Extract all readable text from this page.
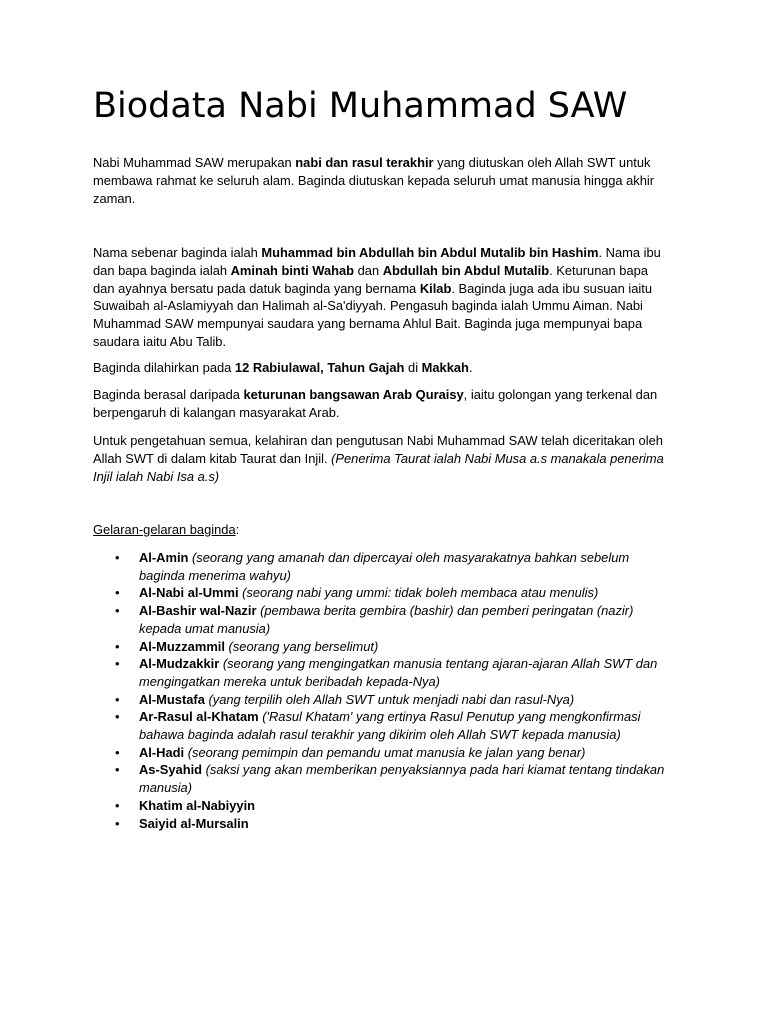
Biodata Nabi Muhammad SAW

Nabi Muhammad SAW merupakan nabi dan rasul terakhir yang diutuskan oleh Allah SWT untuk membawa rahmat ke seluruh alam. Baginda diutuskan kepada seluruh umat manusia hingga akhir zaman.

Nama sebenar baginda ialah Muhammad bin Abdullah bin Abdul Mutalib bin Hashim. Nama ibu dan bapa baginda ialah Aminah binti Wahab dan Abdullah bin Abdul Mutalib. Keturunan bapa dan ayahnya bersatu pada datuk baginda yang bernama Kilab. Baginda juga ada ibu susuan iaitu Suwaibah al-Aslamiyyah dan Halimah al-Sa'diyyah. Pengasuh baginda ialah Ummu Aiman. Nabi Muhammad SAW mempunyai saudara yang bernama Ahlul Bait. Baginda juga mempunyai bapa saudara iaitu Abu Talib.

Baginda dilahirkan pada 12 Rabiulawal, Tahun Gajah di Makkah.

Baginda berasal daripada keturunan bangsawan Arab Quraisy, iaitu golongan yang terkenal dan berpengaruh di kalangan masyarakat Arab.

Untuk pengetahuan semua, kelahiran dan pengutusan Nabi Muhammad SAW telah diceritakan oleh Allah SWT di dalam kitab Taurat dan Injil. (Penerima Taurat ialah Nabi Musa a.s manakala penerima Injil ialah Nabi Isa a.s)

Gelaran-gelaran baginda:

• Al-Amin (seorang yang amanah dan dipercayai oleh masyarakatnya bahkan sebelum baginda menerima wahyu)
• Al-Nabi al-Ummi (seorang nabi yang ummi: tidak boleh membaca atau menulis)
• Al-Bashir wal-Nazir (pembawa berita gembira (bashir) dan pemberi peringatan (nazir) kepada umat manusia)
• Al-Muzzammil (seorang yang berselimut)
• Al-Mudzakkir (seorang yang mengingatkan manusia tentang ajaran-ajaran Allah SWT dan mengingatkan mereka untuk beribadah kepada-Nya)
• Al-Mustafa (yang terpilih oleh Allah SWT untuk menjadi nabi dan rasul-Nya)
• Ar-Rasul al-Khatam ('Rasul Khatam' yang ertinya Rasul Penutup yang mengkonfirmasi bahawa baginda adalah rasul terakhir yang dikirim oleh Allah SWT kepada manusia)
• Al-Hadi (seorang pemimpin dan pemandu umat manusia ke jalan yang benar)
• As-Syahid (saksi yang akan memberikan penyaksiannya pada hari kiamat tentang tindakan manusia)
• Khatim al-Nabiyyin
• Saiyid al-Mursalin
